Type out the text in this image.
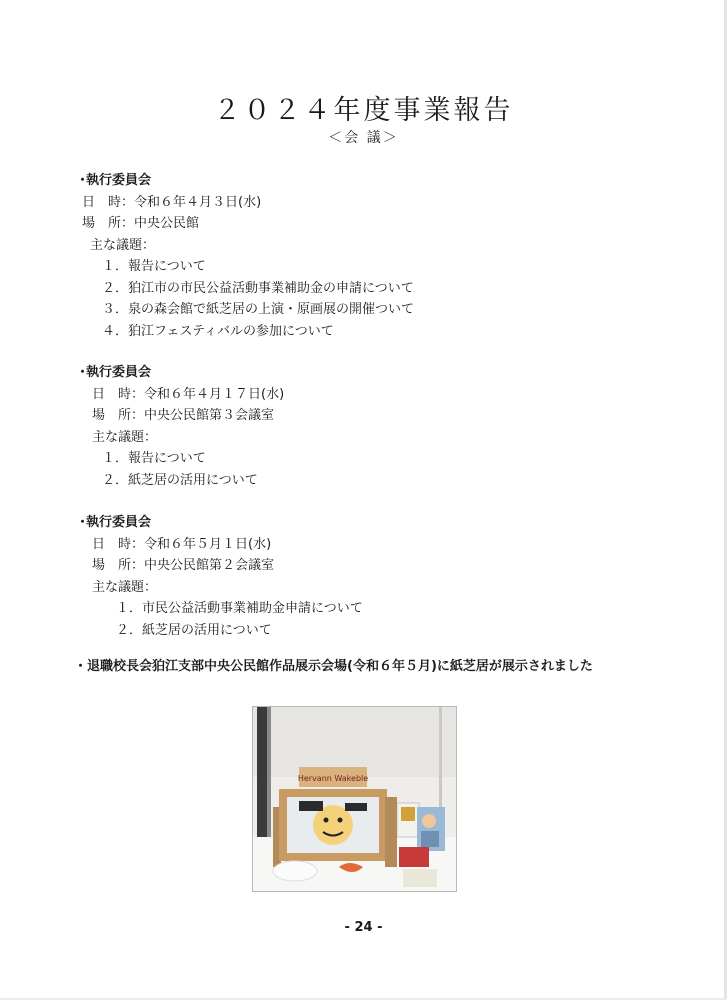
２０２４年度事業報告
＜会 議＞
・執行委員会
日　時：令和６年４月３日(水)
場　所：中央公民館
主な議題：
１．報告について
２．狛江市の市民公益活動事業補助金の申請について
３．泉の森会館で紙芝居の上演・原画展の開催ついて
４．狛江フェスティバルの参加について
・執行委員会
日　時：令和６年４月１７日(水)
場　所：中央公民館第３会議室
主な議題：
１．報告について
２．紙芝居の活用について
・執行委員会
日　時：令和６年５月１日(水)
場　所：中央公民館第２会議室
主な議題：
１．市民公益活動事業補助金申請について
２．紙芝居の活用について
・退職校長会狛江支部中央公民館作品展示会場(令和６年５月)に紙芝居が展示されました
Hervann Wakeble
- 24 -
